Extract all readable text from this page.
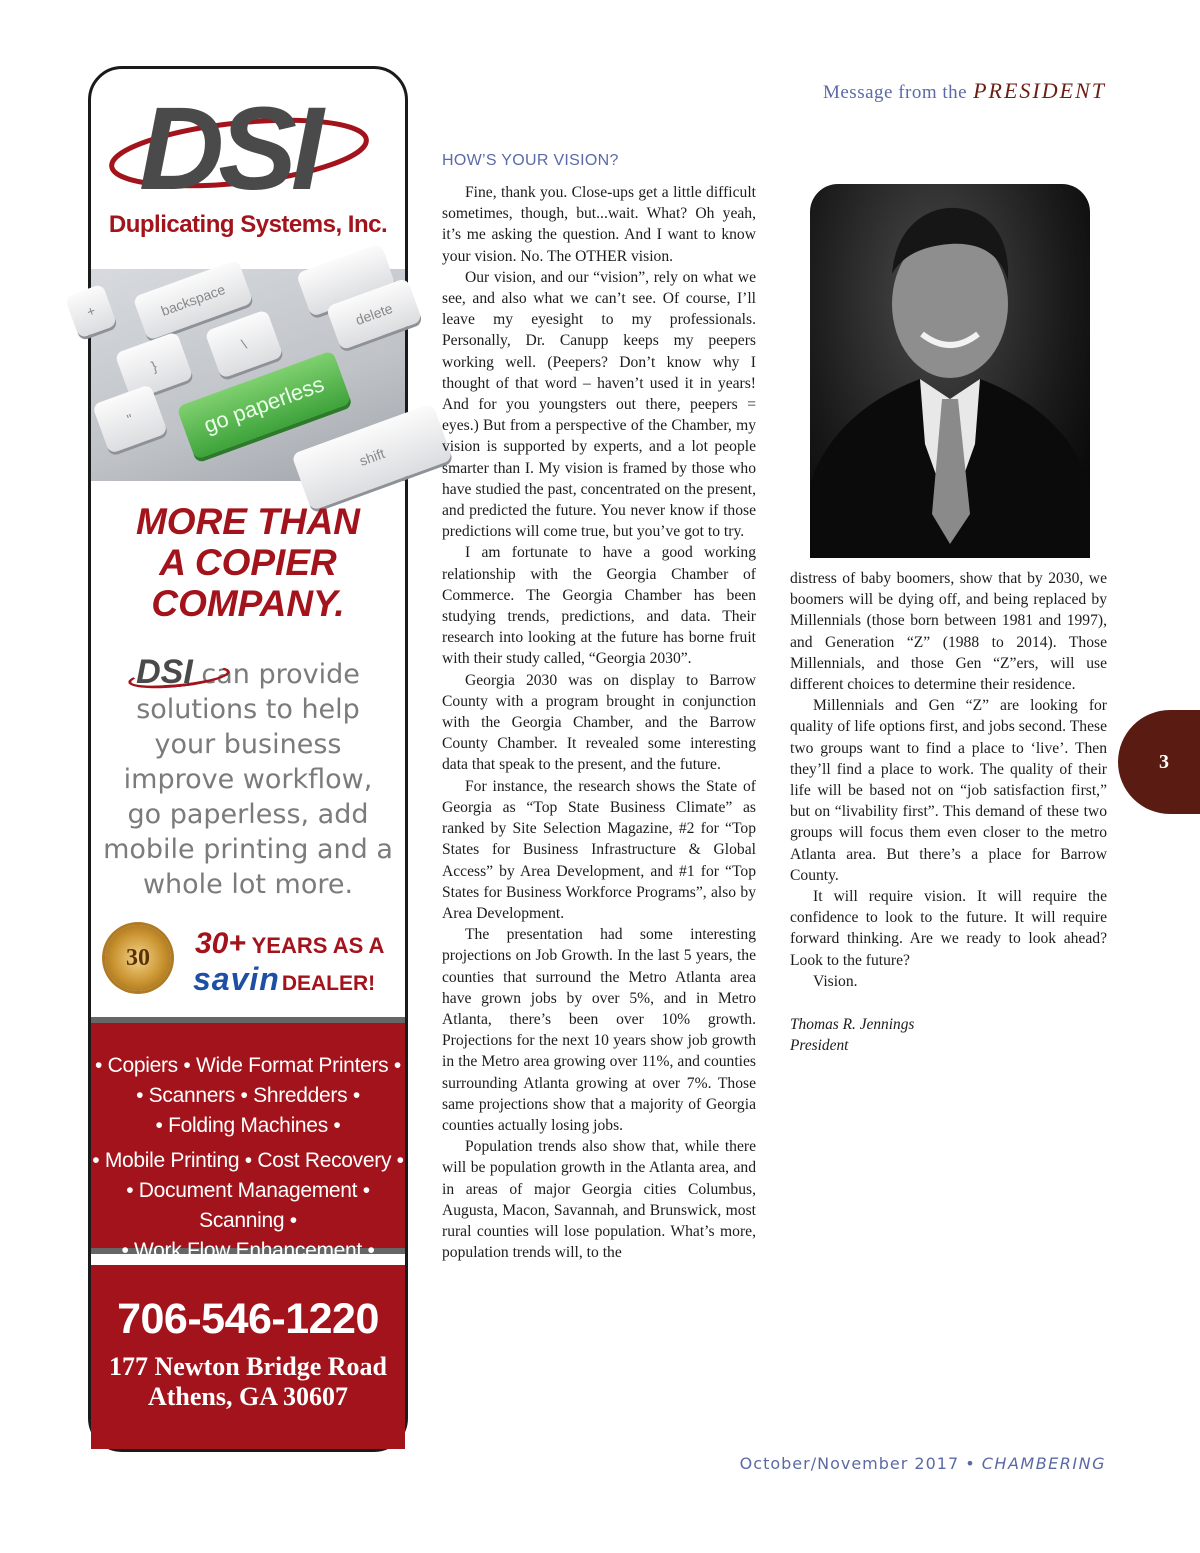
Message from the PRESIDENT
DSI
Duplicating Systems, Inc.
+	backspace	delete
}
\
"	go paperless
shift
MORE THAN
A COPIER
COMPANY.
DSI can provide
solutions to help
your business
improve workflow,
go paperless, add
mobile printing and a
whole lot more.
30 30+ YEARS AS A
savinDEALER!
• Copiers • Wide Format Printers •
• Scanners • Shredders •
• Folding Machines •
• Mobile Printing • Cost Recovery •
• Document Management • Scanning •
• Work Flow Enhancement •
706-546-1220
177 Newton Bridge Road
Athens, GA 30607
HOW’S YOUR VISION?

Fine, thank you. Close-ups get a little difficult sometimes, though, but...wait. What? Oh yeah, it’s me asking the question. And I want to know your vision. No. The OTHER vision.

Our vision, and our “vision”, rely on what we see, and also what we can’t see. Of course, I’ll leave my eyesight to my professionals. Personally, Dr. Canupp keeps my peepers working well. (Peepers? Don’t know why I thought of that word – haven’t used it in years! And for you youngsters out there, peepers = eyes.) But from a perspective of the Chamber, my vision is supported by experts, and a lot people smarter than I. My vision is framed by those who have studied the past, concentrated on the present, and predicted the future. You never know if those predictions will come true, but you’ve got to try.

I am fortunate to have a good working relationship with the Georgia Chamber of Commerce. The Georgia Chamber has been studying trends, predictions, and data. Their research into looking at the future has borne fruit with their study called, “Georgia 2030”.

Georgia 2030 was on display to Barrow County with a program brought in conjunction with the Georgia Chamber, and the Barrow County Chamber. It revealed some interesting data that speak to the present, and the future.

For instance, the research shows the State of Georgia as “Top State Business Climate” as ranked by Site Selection Magazine, #2 for “Top States for Business Infrastructure & Global Access” by Area Development, and #1 for “Top States for Business Workforce Programs”, also by Area Development.

The presentation had some interesting projections on Job Growth. In the last 5 years, the counties that surround the Metro Atlanta area have grown jobs by over 5%, and in Metro Atlanta, there’s been over 10% growth. Projections for the next 10 years show job growth in the Metro area growing over 11%, and counties surrounding Atlanta growing at over 7%. Those same projections show that a majority of Georgia counties actually losing jobs.

Population trends also show that, while there will be population growth in the Atlanta area, and in areas of major Georgia cities Columbus, Augusta, Macon, Savannah, and Brunswick, most rural counties will lose population. What’s more, population trends will, to the

distress of baby boomers, show that by 2030, we boomers will be dying off, and being replaced by Millennials (those born between 1981 and 1997), and Generation “Z” (1988 to 2014). Those Millennials, and those Gen “Z”ers, will use different choices to determine their residence.

Millennials and Gen “Z” are looking for quality of life options first, and jobs second. These two groups want to find a place to ‘live’. Then they’ll find a place to work. The quality of their life will be based not on “job satisfaction first,” but on “livability first”. This demand of these two groups will focus them even closer to the metro Atlanta area. But there’s a place for Barrow County.

It will require vision. It will require the confidence to look to the future. It will require forward thinking. Are we ready to look ahead? Look to the future?

Vision.

Thomas R. Jennings
President
3
October/November 2017 • CHAMBERING
